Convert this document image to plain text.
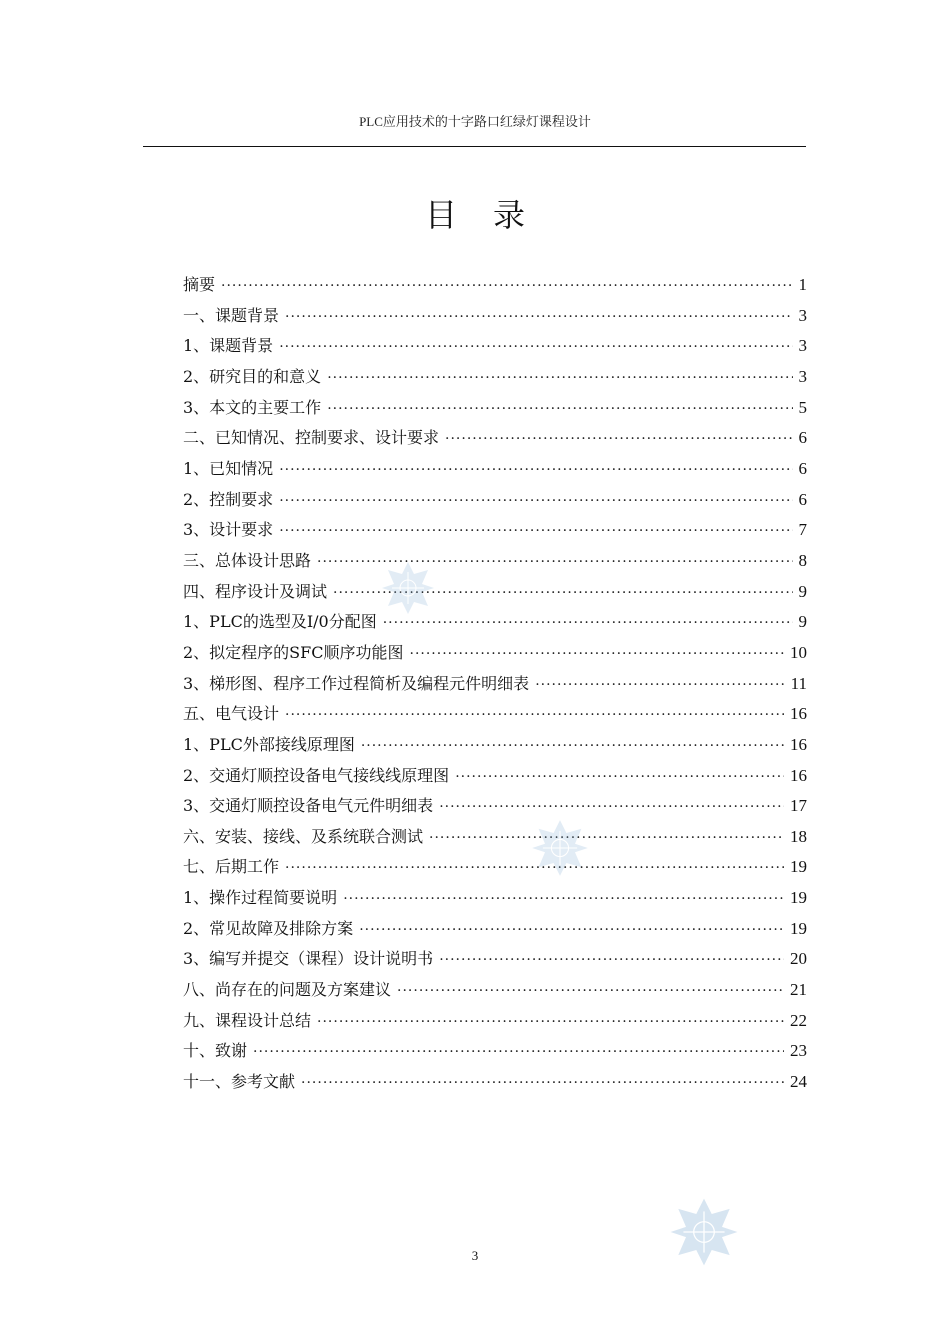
PLC应用技术的十字路口红绿灯课程设计
目录
摘要 ·····	1
一、课题背景 ·····	3
1、课题背景 ·····	3
2、研究目的和意义 ·····	3
3、本文的主要工作 ·····	5
二、已知情况、控制要求、设计要求 ·····	6
1、已知情况 ·····	6
2、控制要求 ·····	6
3、设计要求 ·····	7
三、总体设计思路 ·····	8
四、程序设计及调试 ·····	9
1、PLC的选型及I/0分配图 ·····	9
2、拟定程序的SFC顺序功能图 ·····	10
3、梯形图、程序工作过程简析及编程元件明细表 ·····	11
五、电气设计 ·····	16
1、PLC外部接线原理图 ·····	16
2、交通灯顺控设备电气接线线原理图 ·····	16
3、交通灯顺控设备电气元件明细表 ·····	17
六、安装、接线、及系统联合测试 ·····	18
七、后期工作 ·····	19
1、操作过程简要说明 ·····	19
2、常见故障及排除方案 ·····	19
3、编写并提交（课程）设计说明书 ·····	20
八、尚存在的问题及方案建议 ·····	21
九、课程设计总结 ·····	22
十、致谢 ·····	23
十一、参考文献 ·····	24
3
